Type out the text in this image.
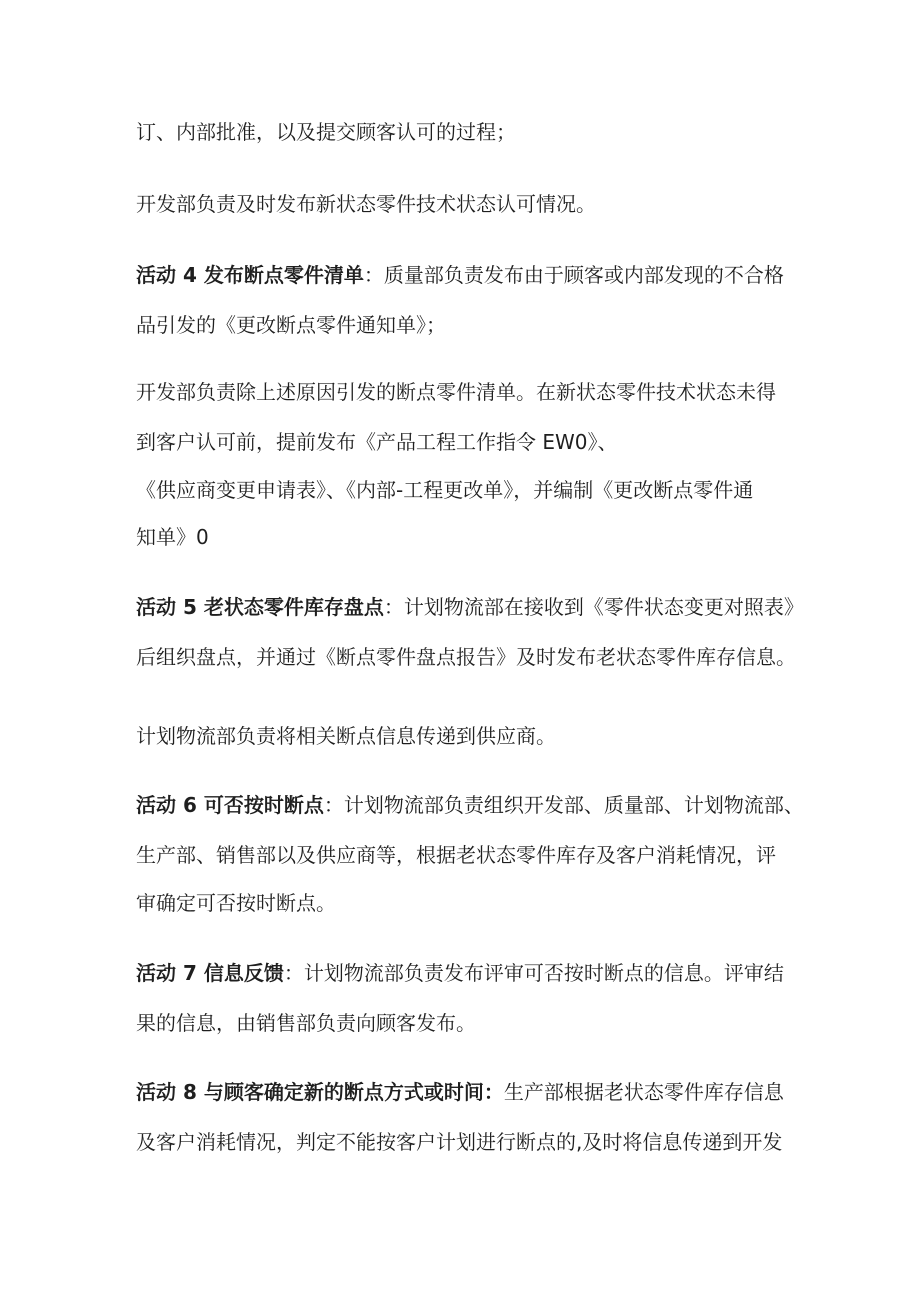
订、内部批准，以及提交顾客认可的过程；
开发部负责及时发布新状态零件技术状态认可情况。
活动 4 发布断点零件清单：质量部负责发布由于顾客或内部发现的不合格
品引发的《更改断点零件通知单》；
开发部负责除上述原因引发的断点零件清单。在新状态零件技术状态未得
到客户认可前，提前发布《产品工程工作指令 EW0》、
《供应商变更申请表》、《内部-工程更改单》，并编制《更改断点零件通
知单》0
活动 5 老状态零件库存盘点：计划物流部在接收到《零件状态变更对照表》
后组织盘点，并通过《断点零件盘点报告》及时发布老状态零件库存信息。
计划物流部负责将相关断点信息传递到供应商。
活动 6 可否按时断点：计划物流部负责组织开发部、质量部、计划物流部、
生产部、销售部以及供应商等，根据老状态零件库存及客户消耗情况，评
审确定可否按时断点。
活动 7 信息反馈：计划物流部负责发布评审可否按时断点的信息。评审结
果的信息，由销售部负责向顾客发布。
活动 8 与顾客确定新的断点方式或时间：生产部根据老状态零件库存信息
及客户消耗情况，判定不能按客户计划进行断点的,及时将信息传递到开发
